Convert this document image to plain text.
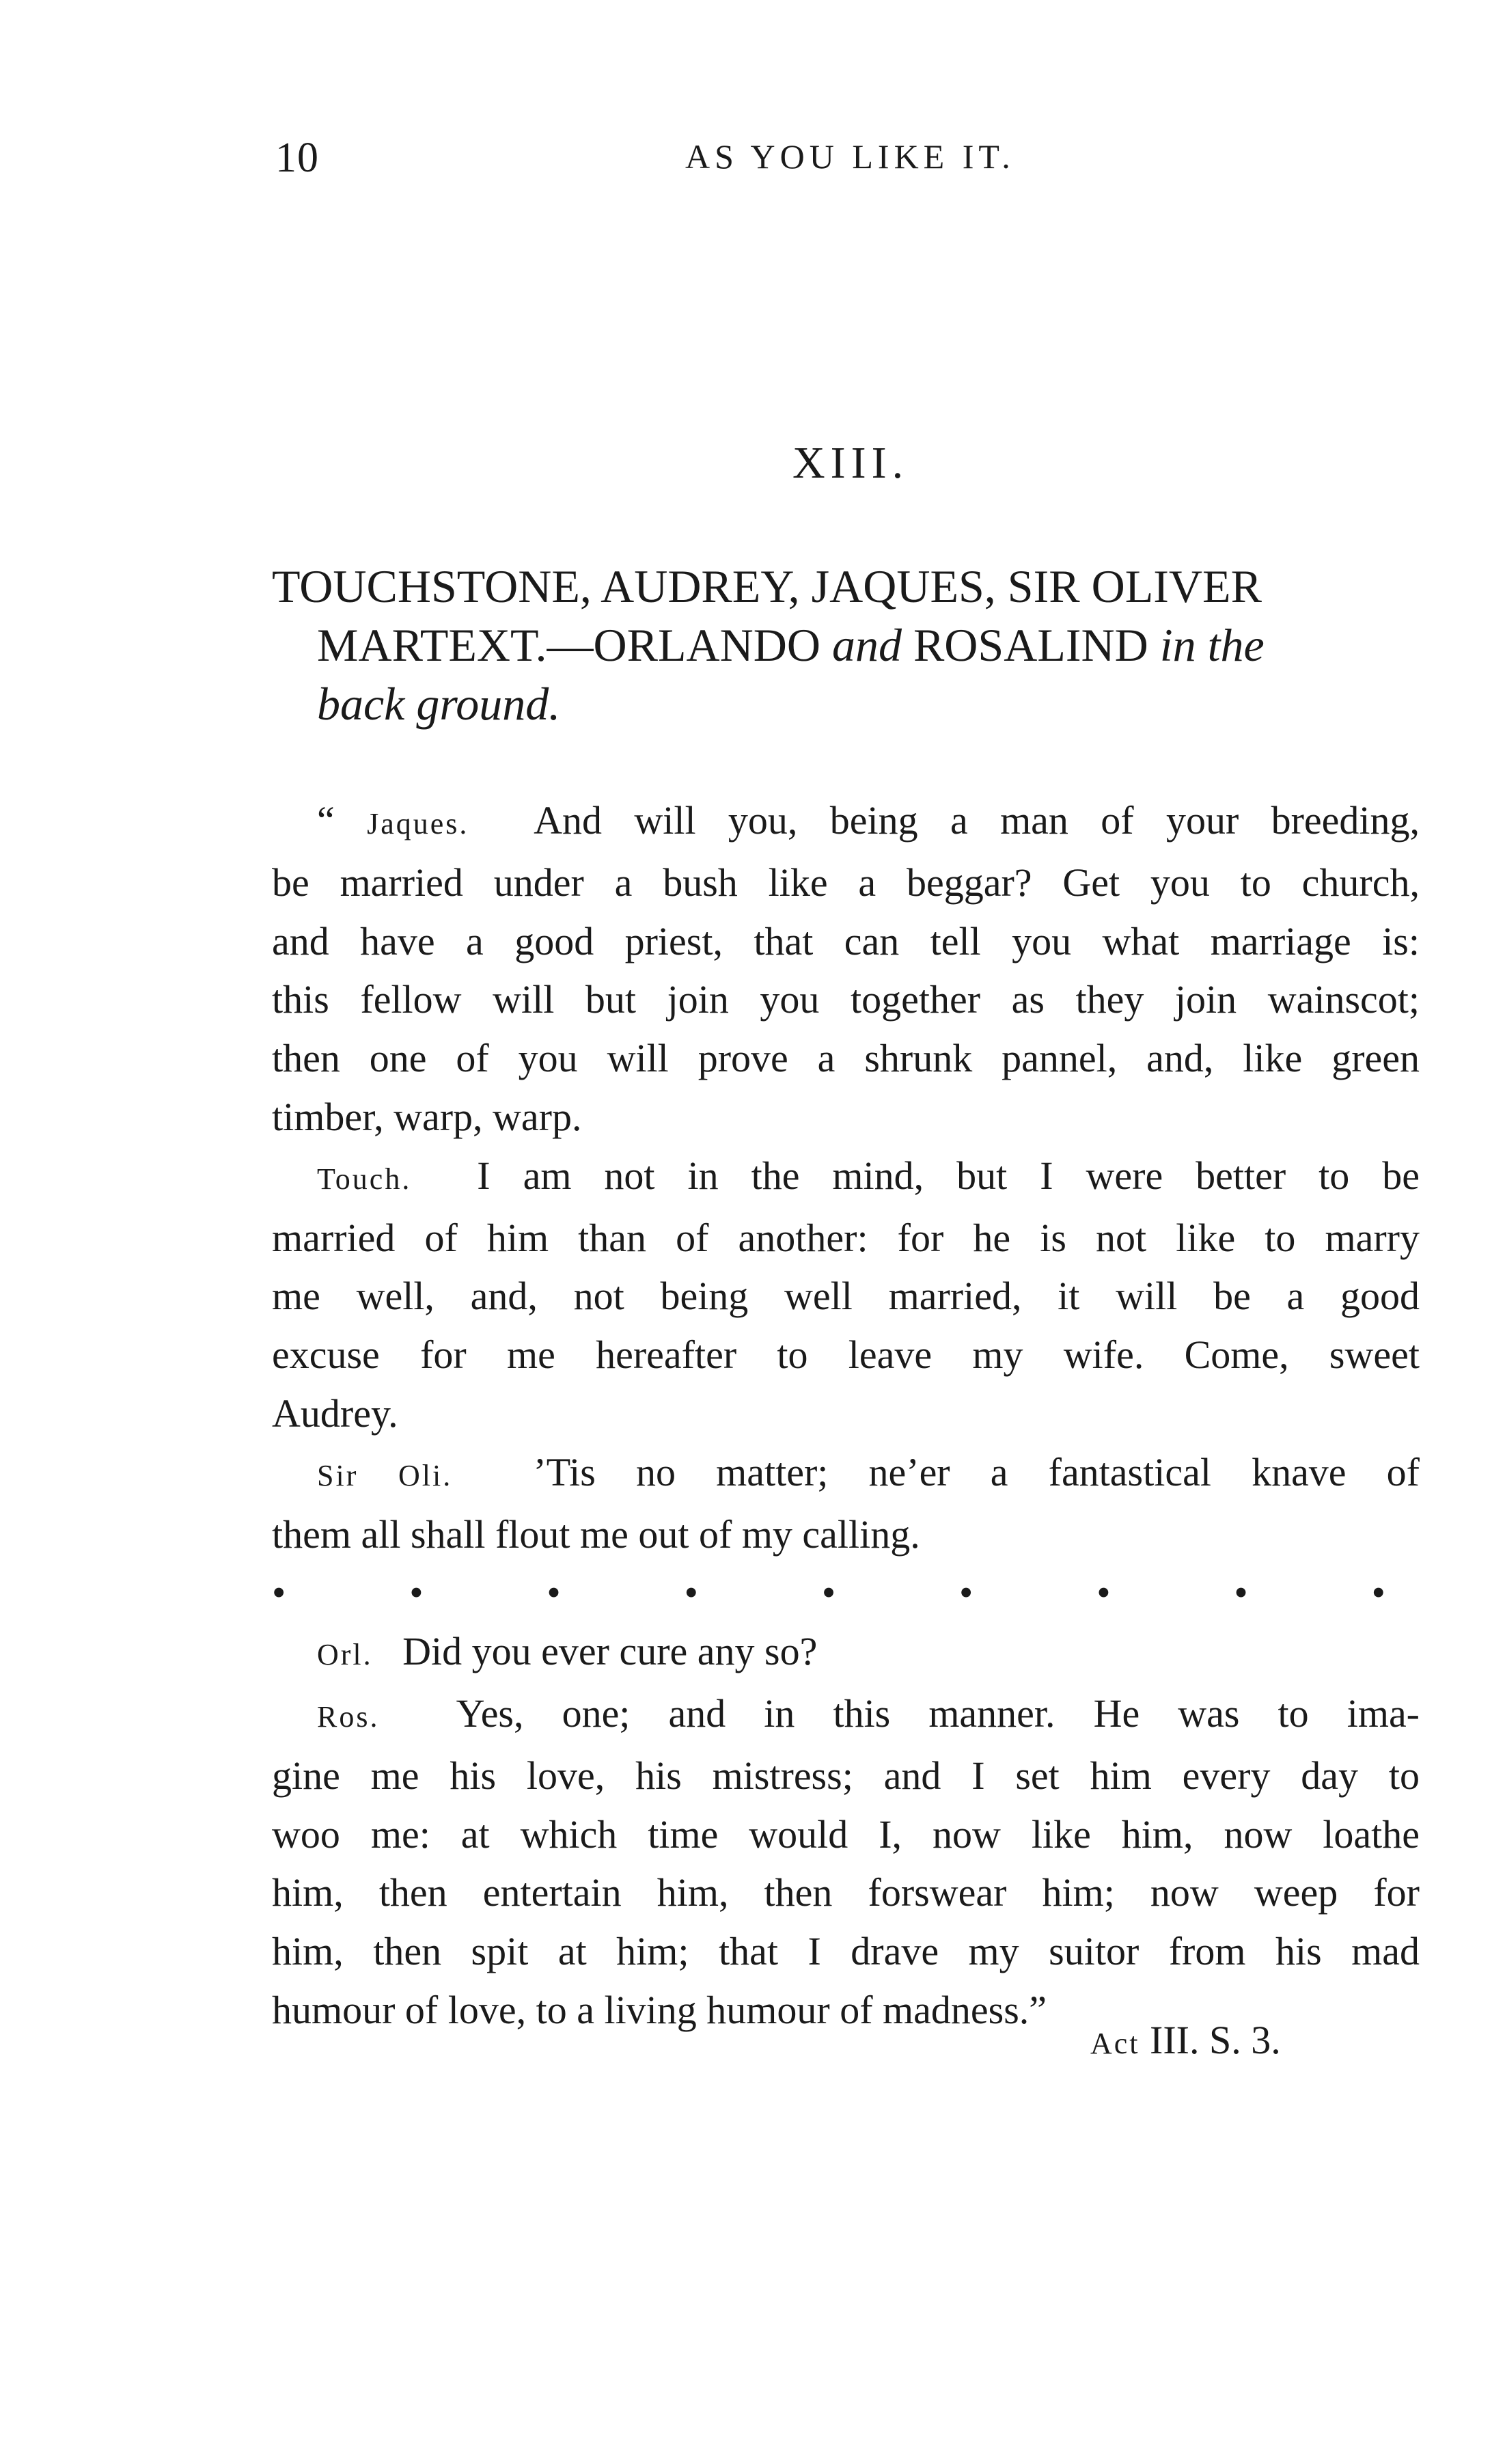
10	AS YOU LIKE IT.
XIII.
TOUCHSTONE, AUDREY, JAQUES, SIR OLIVER
MARTEXT.—ORLANDO and ROSALIND in the
back ground.
“ Jaques. And will you, being a man of your breeding,
be married under a bush like a beggar? Get you to church,
and have a good priest, that can tell you what marriage is:
this fellow will but join you together as they join wainscot;
then one of you will prove a shrunk pannel, and, like green
timber, warp, warp.
Touch. I am not in the mind, but I were better to be
married of him than of another: for he is not like to marry
me well, and, not being well married, it will be a good
excuse for me hereafter to leave my wife. Come, sweet
Audrey.
Sir Oli. ’Tis no matter; ne’er a fantastical knave of
them all shall flout me out of my calling.
•	•	•	•	•	•	•	•	•
Orl. Did you ever cure any so?
Ros. Yes, one; and in this manner. He was to ima-
gine me his love, his mistress; and I set him every day to
woo me: at which time would I, now like him, now loathe
him, then entertain him, then forswear him; now weep for
him, then spit at him; that I drave my suitor from his mad
humour of love, to a living humour of madness.”
Act III. S. 3.
